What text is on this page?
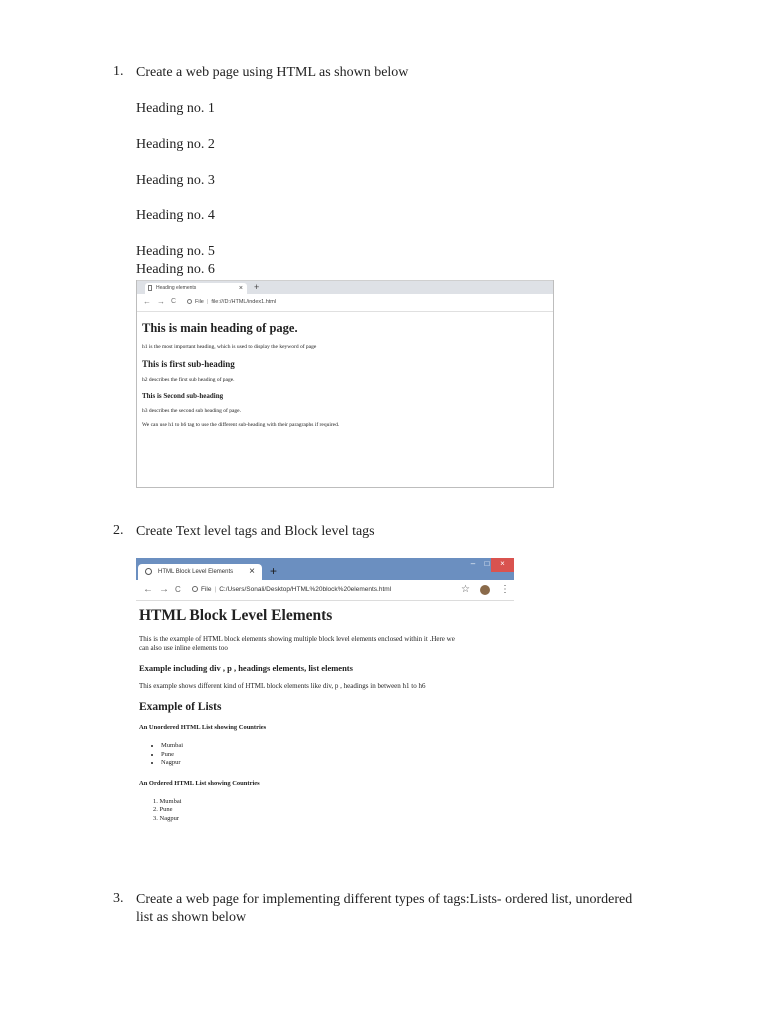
1. Create a web page using HTML as shown below
Heading no. 1
Heading no. 2
Heading no. 3
Heading no. 4
Heading no. 5
Heading no. 6
Heading elements	× +
← → C	File | file:///D:/HTML/index1.html
This is main heading of page.

h1 is the most important heading, which is used to display the keyword of page

This is first sub-heading

h2 describes the first sub heading of page.

This is Second sub-heading

h3 describes the second sub heading of page.

We can use h1 to h6 tag to use the different sub-heading with their paragraphs if required.

2. Create Text level tags and Block level tags
HTML Block Level Elements × +
–	□	×
← → C	File | C:/Users/Sonali/Desktop/HTML%20block%20elements.html	☆	⋮
HTML Block Level Elements

This is the example of HTML block elements showing multiple block level elements enclosed within it .Here we
can also use inline elements too

Example including div , p , headings elements, list elements

This example shows different kind of HTML block elements like div, p , headings in between h1 to h6

Example of Lists
An Unordered HTML List showing Countries
• Mumbai
• Pune
• Nagpur
An Ordered HTML List showing Countries
1. Mumbai
2. Pune
3. Nagpur
3. Create a web page for implementing different types of tags:Lists- ordered list, unordered
list as shown below
